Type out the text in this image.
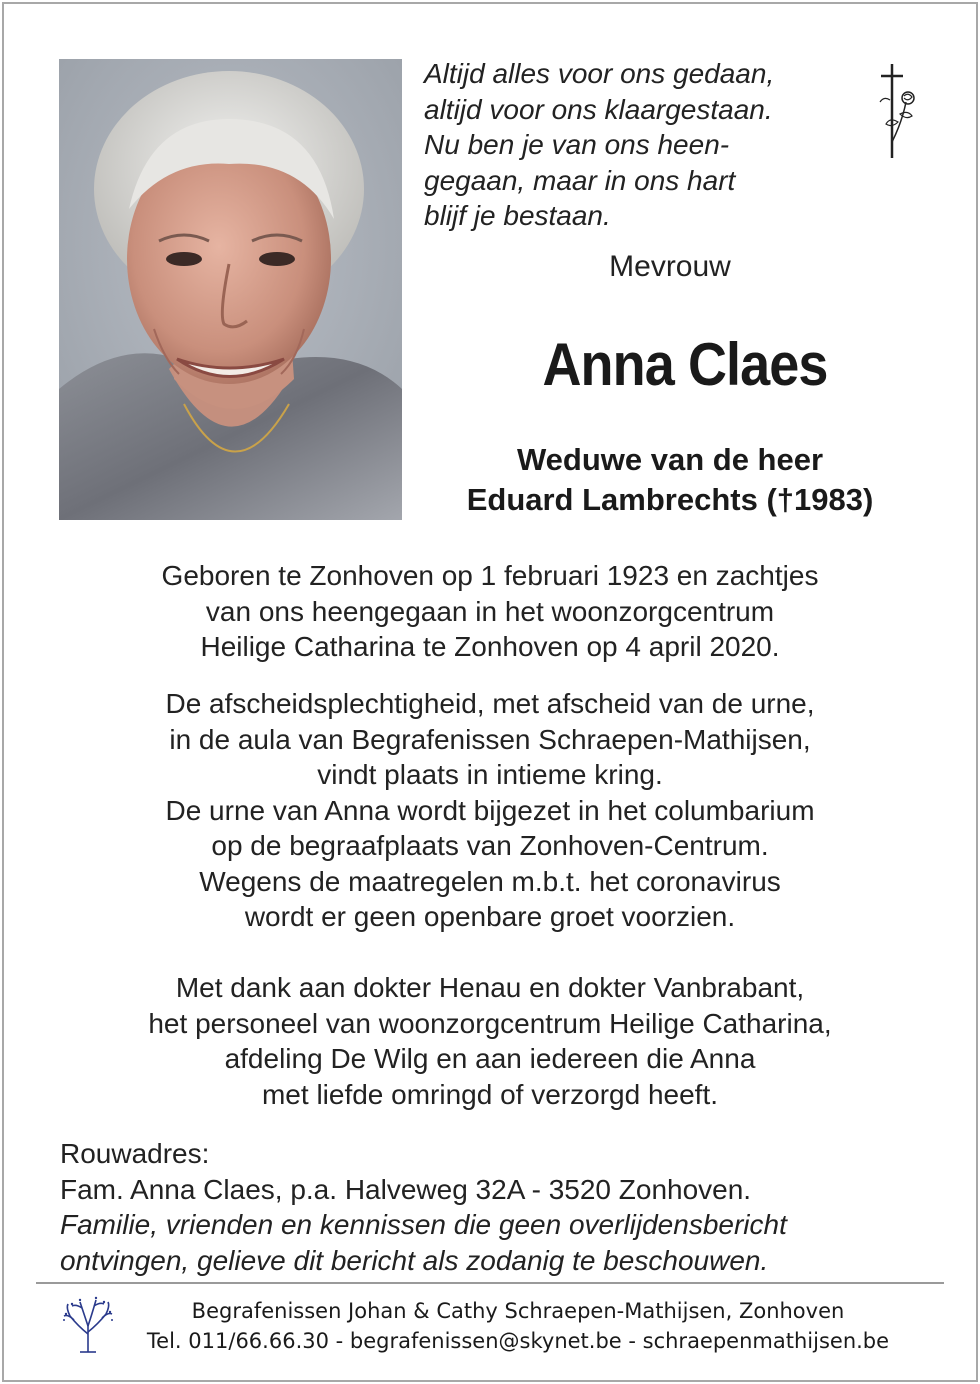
Altijd alles voor ons gedaan,
altijd voor ons klaargestaan.
Nu ben je van ons heen-
gegaan, maar in ons hart
blijf je bestaan.
Mevrouw
Anna Claes
Weduwe van de heer
Eduard Lambrechts (†1983)
Geboren te Zonhoven op 1 februari 1923 en zachtjes
van ons heengegaan in het woonzorgcentrum
Heilige Catharina te Zonhoven op 4 april 2020.
De afscheidsplechtigheid, met afscheid van de urne,
in de aula van Begrafenissen Schraepen-Mathijsen,
vindt plaats in intieme kring.
De urne van Anna wordt bijgezet in het columbarium
op de begraafplaats van Zonhoven-Centrum.
Wegens de maatregelen m.b.t. het coronavirus
wordt er geen openbare groet voorzien.
Met dank aan dokter Henau en dokter Vanbrabant,
het personeel van woonzorgcentrum Heilige Catharina,
afdeling De Wilg en aan iedereen die Anna
met liefde omringd of verzorgd heeft.
Rouwadres:
Fam. Anna Claes, p.a. Halveweg 32A - 3520 Zonhoven.
Familie, vrienden en kennissen die geen overlijdensbericht
ontvingen, gelieve dit bericht als zodanig te beschouwen.
Begrafenissen Johan & Cathy Schraepen-Mathijsen, Zonhoven
Tel. 011/66.66.30 - begrafenissen@skynet.be - schraepenmathijsen.be
